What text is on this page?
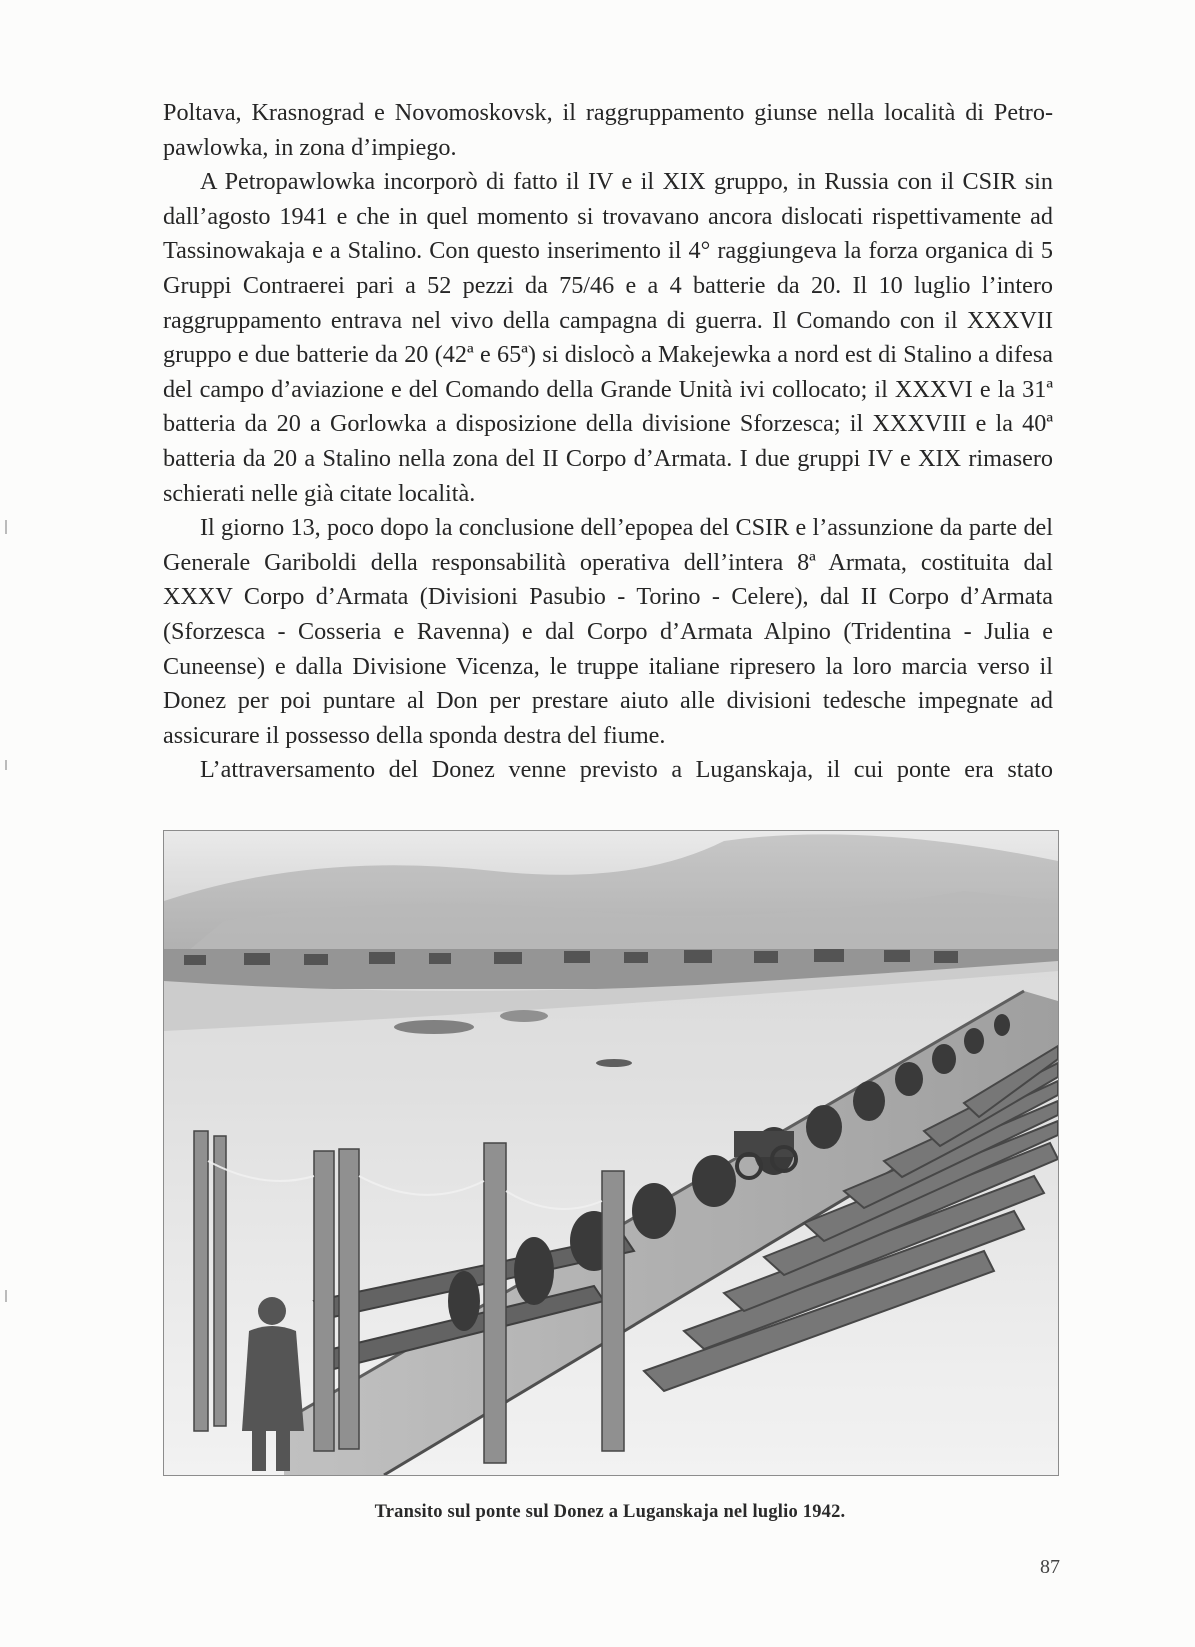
Poltava, Krasnograd e Novomoskovsk, il raggruppamento giunse nella località di Petro-pawlowka, in zona d’impiego.

A Petropawlowka incorporò di fatto il IV e il XIX gruppo, in Russia con il CSIR sin dall’agosto 1941 e che in quel momento si trovavano ancora dislocati rispettivamente ad Tassinowakaja e a Stalino. Con questo inserimento il 4° raggiungeva la forza organica di 5 Gruppi Contraerei pari a 52 pezzi da 75/46 e a 4 batterie da 20. Il 10 luglio l’intero raggruppamento entrava nel vivo della campagna di guerra. Il Comando con il XXXVII gruppo e due batterie da 20 (42ª e 65ª) si dislocò a Makejewka a nord est di Stalino a difesa del campo d’aviazione e del Comando della Grande Unità ivi collocato; il XXXVI e la 31ª batteria da 20 a Gorlowka a disposizione della divisione Sforzesca; il XXXVIII e la 40ª batteria da 20 a Stalino nella zona del II Corpo d’Armata. I due gruppi IV e XIX rimasero schierati nelle già citate località.

Il giorno 13, poco dopo la conclusione dell’epopea del CSIR e l’assunzione da parte del Generale Gariboldi della responsabilità operativa dell’intera 8ª Armata, costituita dal XXXV Corpo d’Armata (Divisioni Pasubio - Torino - Celere), dal II Corpo d’Armata (Sforzesca - Cosseria e Ravenna) e dal Corpo d’Armata Alpino (Tridentina - Julia e Cuneense) e dalla Divisione Vicenza, le truppe italiane ripresero la loro marcia verso il Donez per poi puntare al Don per prestare aiuto alle divisioni tedesche impegnate ad assicurare il possesso della sponda destra del fiume.

L’attraversamento del Donez venne previsto a Luganskaja, il cui ponte era stato

Transito sul ponte sul Donez a Luganskaja nel luglio 1942.
87
